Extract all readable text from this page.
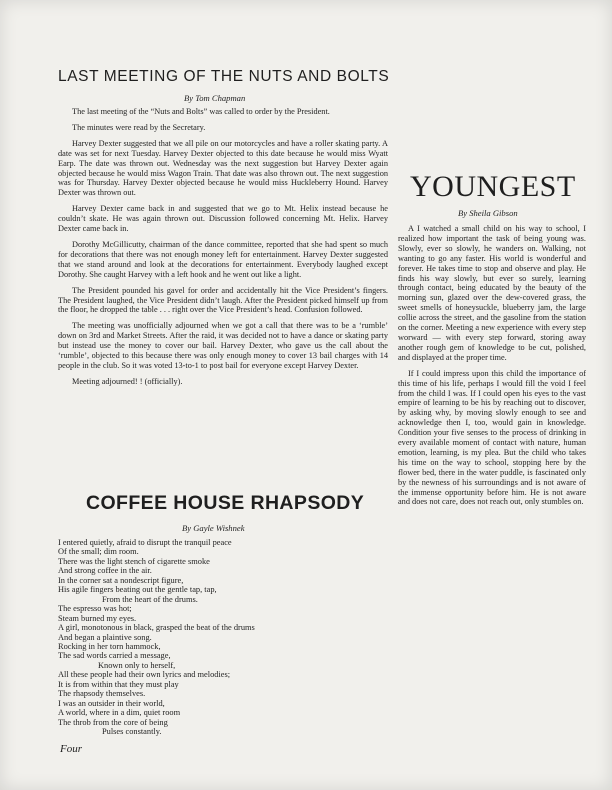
LAST MEETING OF THE NUTS AND BOLTS
By Tom Chapman

The last meeting of the “Nuts and Bolts” was called to order by the President.

The minutes were read by the Secretary.

Harvey Dexter suggested that we all pile on our motorcycles and have a roller skating party. A date was set for next Tuesday. Harvey Dexter objected to this date because he would miss Wyatt Earp. The date was thrown out. Wednesday was the next suggestion but Harvey Dexter again objected because he would miss Wagon Train. That date was also thrown out. The next suggestion was for Thursday. Harvey Dexter objected because he would miss Huckleberry Hound. Harvey Dexter was thrown out.

Harvey Dexter came back in and suggested that we go to Mt. Helix instead because he couldn’t skate. He was again thrown out. Discussion followed concerning Mt. Helix. Harvey Dexter came back in.

Dorothy McGillicutty, chairman of the dance committee, reported that she had spent so much for decorations that there was not enough money left for entertainment. Harvey Dexter suggested that we stand around and look at the decorations for entertainment. Everybody laughed except Dorothy. She caught Harvey with a left hook and he went out like a light.

The President pounded his gavel for order and accidentally hit the Vice President’s fingers. The President laughed, the Vice President didn’t laugh. After the President picked himself up from the floor, he dropped the table . . . right over the Vice President’s head. Confusion followed.

The meeting was unofficially adjourned when we got a call that there was to be a ‘rumble’ down on 3rd and Market Streets. After the raid, it was decided not to have a dance or skating party but instead use the money to cover our bail. Harvey Dexter, who gave us the call about the ‘rumble’, objected to this because there was only enough money to cover 13 bail charges with 14 people in the club. So it was voted 13-to-1 to post bail for everyone except Harvey Dexter.

Meeting adjourned! ! (officially).

COFFEE HOUSE RHAPSODY
By Gayle Wishnek
I entered quietly, afraid to disrupt the tranquil peace
Of the small; dim room.
There was the light stench of cigarette smoke
And strong coffee in the air.
In the corner sat a nondescript figure,
His agile fingers beating out the gentle tap, tap,
From the heart of the drums.
The espresso was hot;
Steam burned my eyes.
A girl, monotonous in black, grasped the beat of the drums
And began a plaintive song.
Rocking in her torn hammock,
The sad words carried a message,
Known only to herself,
All these people had their own lyrics and melodies;
It is from within that they must play
The rhapsody themselves.
I was an outsider in their world,
A world, where in a dim, quiet room
The throb from the core of being
Pulses constantly.
YOUNGEST
By Sheila Gibson

A I watched a small child on his way to school, I realized how important the task of being young was. Slowly, ever so slowly, he wanders on. Walking, not wanting to go any faster. His world is wonderful and forever. He takes time to stop and observe and play. He finds his way slowly, but ever so surely, learning through contact, being educated by the beauty of the morning sun, glazed over the dew-covered grass, the sweet smells of honeysuckle, blueberry jam, the large collie across the street, and the gasoline from the station on the corner. Meeting a new experience with every step worward — with every step forward, storing away another rough gem of knowledge to be cut, polished, and displayed at the proper time.

If I could impress upon this child the importance of this time of his life, perhaps I would fill the void I feel from the child I was. If I could open his eyes to the vast empire of learning to be his by reaching out to discover, by asking why, by moving slowly enough to see and acknowledge then I, too, would gain in knowledge. Condition your five senses to the process of drinking in every available moment of contact with nature, human emotion, learning, is my plea. But the child who takes his time on the way to school, stopping here by the flower bed, there in the water puddle, is fascinated only by the newness of his surroundings and is not aware of the immense opportunity before him. He is not aware and does not care, does not reach out, only stumbles on.

Four
